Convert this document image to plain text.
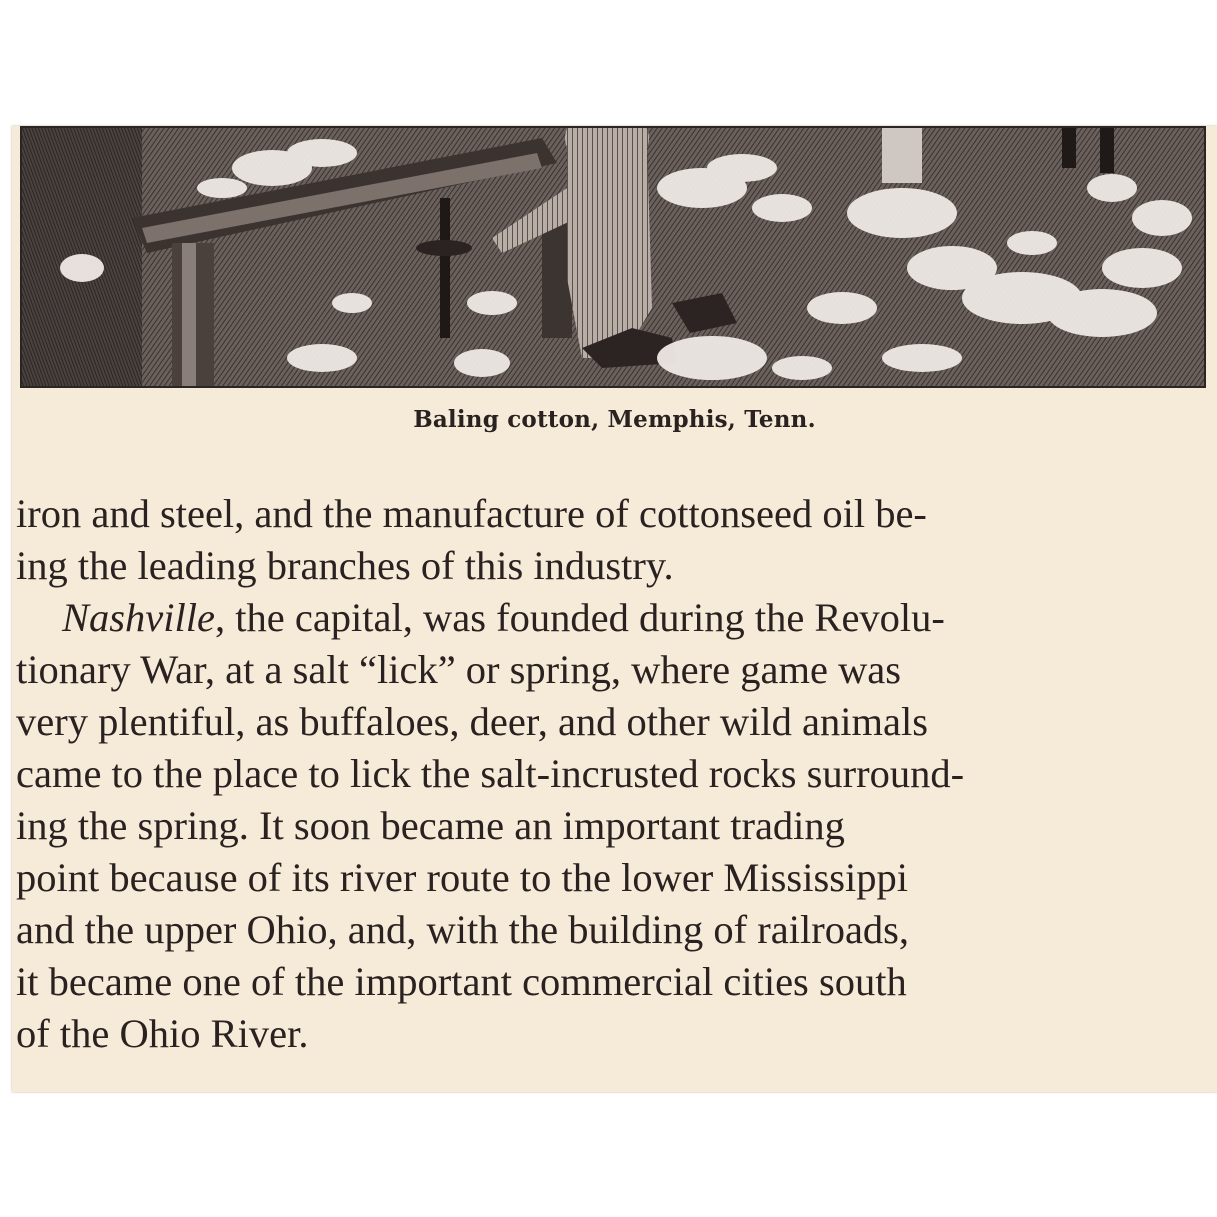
Baling cotton, Memphis, Tenn.
iron and steel, and the manufacture of cottonseed oil be-
ing the leading branches of this industry.
Nashville, the capital, was founded during the Revolu-
tionary War, at a salt “lick” or spring, where game was
very plentiful, as buffaloes, deer, and other wild animals
came to the place to lick the salt-incrusted rocks surround-
ing the spring. It soon became an important trading
point because of its river route to the lower Mississippi
and the upper Ohio, and, with the building of railroads,
it became one of the important commercial cities south
of the Ohio River.
